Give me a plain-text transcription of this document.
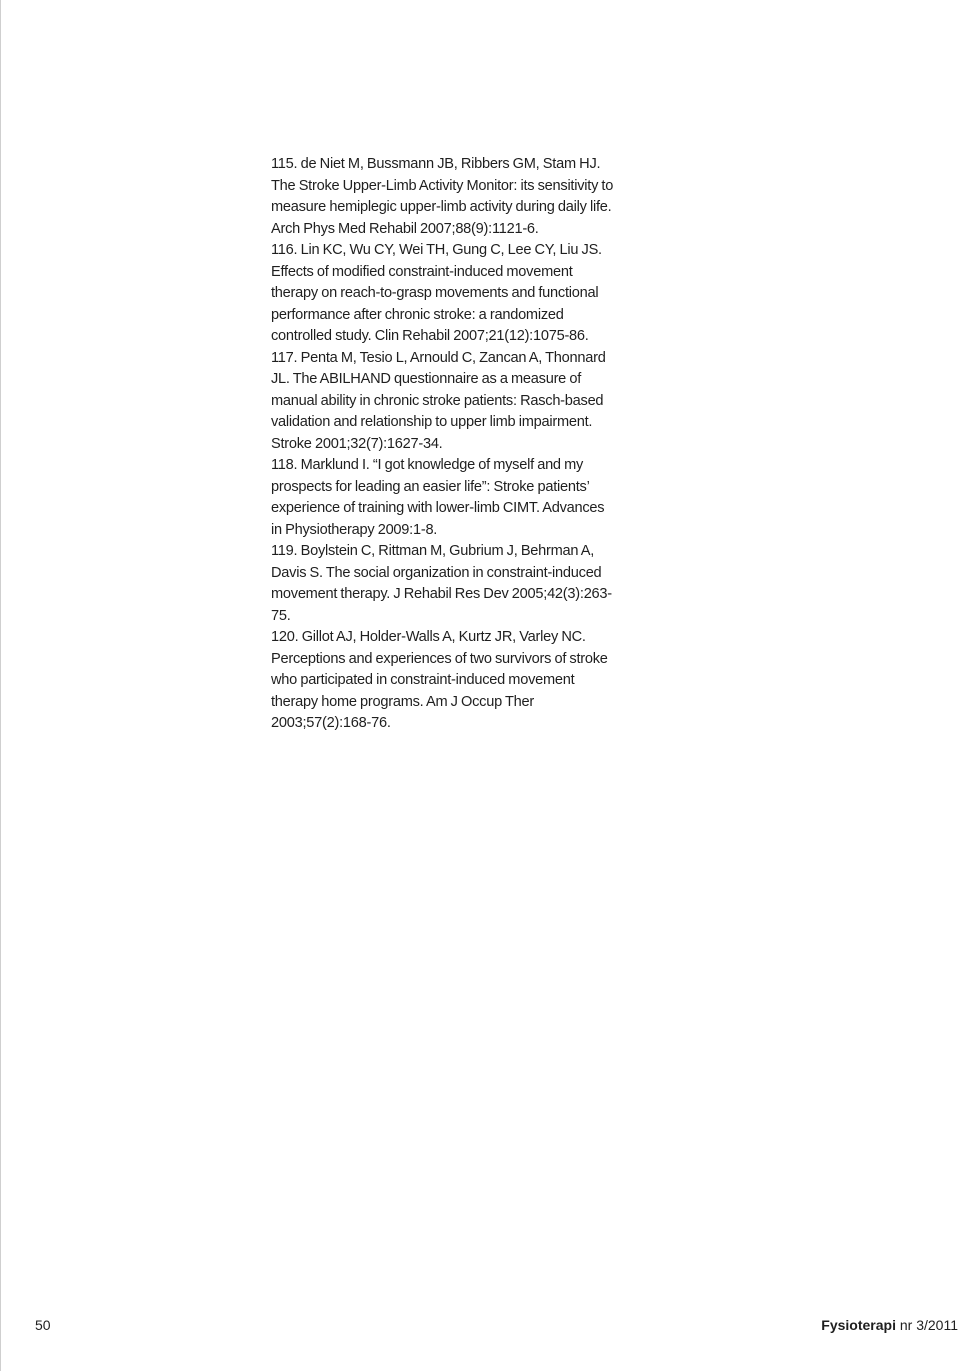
115. de Niet M, Bussmann JB, Ribbers GM, Stam HJ. The Stroke Upper-Limb Activity Monitor: its sensitivity to measure hemiplegic upper-limb activity during daily life. Arch Phys Med Rehabil 2007;88(9):1121-6.

116. Lin KC, Wu CY, Wei TH, Gung C, Lee CY, Liu JS. Effects of modified constraint-induced movement therapy on reach-to-grasp movements and functional performance after chronic stroke: a randomized controlled study. Clin Rehabil 2007;21(12):1075-86.

117. Penta M, Tesio L, Arnould C, Zancan A, Thonnard JL. The ABILHAND questionnaire as a measure of manual ability in chronic stroke patients: Rasch-based validation and relationship to upper limb impairment. Stroke 2001;32(7):1627-34.

118. Marklund I. “I got knowledge of myself and my prospects for leading an easier life”: Stroke patients’ experience of training with lower-limb CIMT. Advances in Physiotherapy 2009:1-8.

119. Boylstein C, Rittman M, Gubrium J, Behrman A, Davis S. The social organization in constraint-induced movement therapy. J Rehabil Res Dev 2005;42(3):263-75.

120. Gillot AJ, Holder-Walls A, Kurtz JR, Varley NC. Perceptions and experiences of two survivors of stroke who participated in constraint-induced movement therapy home programs. Am J Occup Ther 2003;57(2):168-76.

50	Fysioterapi nr 3/2011
